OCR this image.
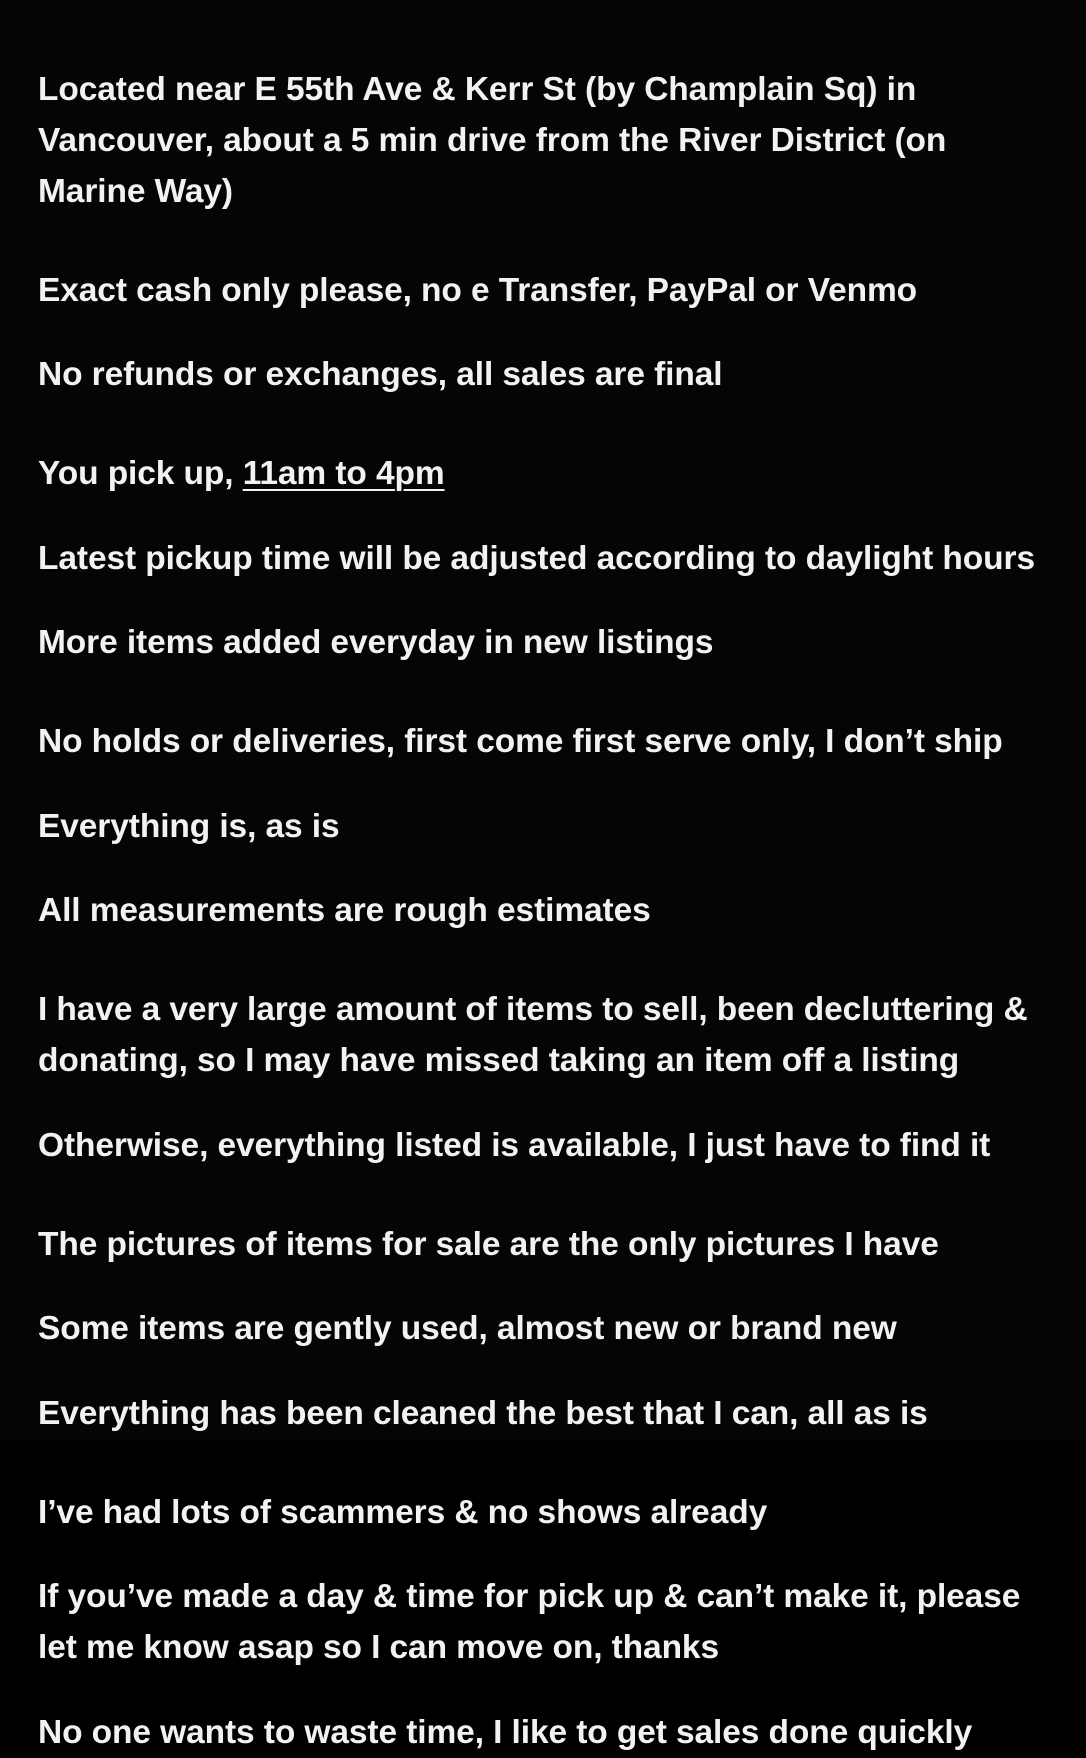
Located near E 55th Ave & Kerr St (by Champlain Sq) in Vancouver, about a 5 min drive from the River District (on Marine Way)

Exact cash only please, no e Transfer, PayPal or Venmo

No refunds or exchanges, all sales are final

You pick up, 11am to 4pm

Latest pickup time will be adjusted according to daylight hours

More items added everyday in new listings

No holds or deliveries, first come first serve only, I don’t ship

Everything is, as is

All measurements are rough estimates

I have a very large amount of items to sell, been decluttering & donating, so I may have missed taking an item off a listing

Otherwise, everything listed is available, I just have to find it

The pictures of items for sale are the only pictures I have

Some items are gently used, almost new or brand new

Everything has been cleaned the best that I can, all as is

I’ve had lots of scammers & no shows already

If you’ve made a day & time for pick up & can’t make it, please let me know asap so I can move on, thanks

No one wants to waste time, I like to get sales done quickly
